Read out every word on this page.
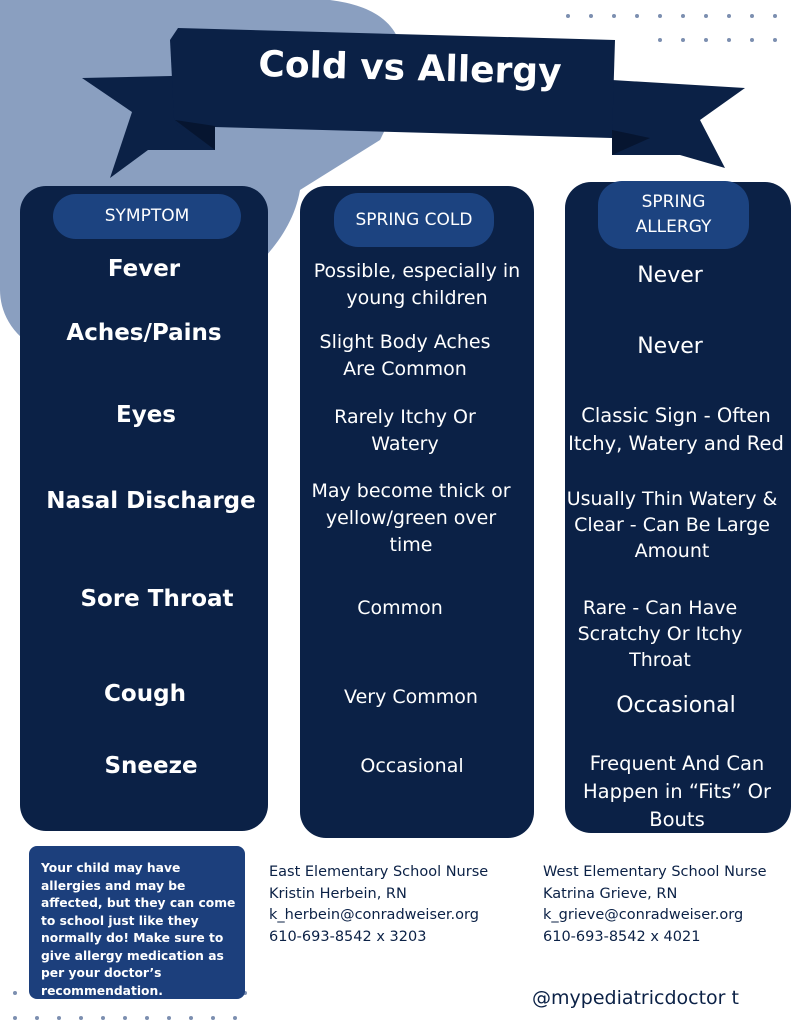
Cold vs Allergy
SYMPTOM	SPRING COLD
SPRING ALLERGY
Fever
Aches/Pains
Eyes
Nasal Discharge
Sore Throat
Cough
Sneeze
Possible, especially in young children
Slight Body Aches Are Common
Rarely Itchy Or Watery
May become thick or yellow/green over time
Common
Very Common
Occasional
Never
Never
Classic Sign - Often Itchy, Watery and Red
Usually Thin Watery & Clear - Can Be Large Amount
Rare - Can Have Scratchy Or Itchy Throat
Occasional
Frequent And Can Happen in “Fits” Or Bouts
Your child may have allergies and may be affected, but they can come to school just like they normally do! Make sure to give allergy medication as per your doctor’s recommendation.
East Elementary School Nurse
Kristin Herbein, RN
k_herbein@conradweiser.org
610-693-8542 x 3203
West Elementary School Nurse
Katrina Grieve, RN
k_grieve@conradweiser.org
610-693-8542 x 4021
@mypediatricdoctor t
